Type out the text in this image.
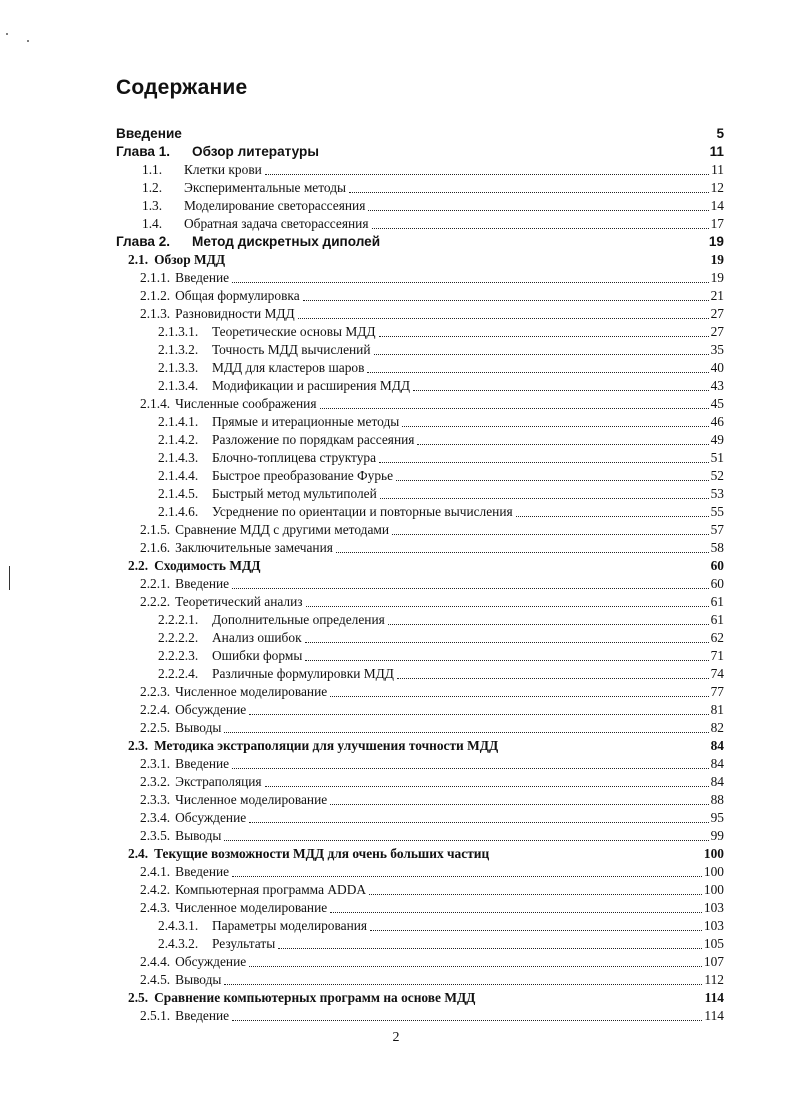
Содержание
Введение	5
Глава 1.	Обзор литературы	11
1.1.	Клетки крови	11
1.2.	Экспериментальные методы	12
1.3.	Моделирование светорассеяния	14
1.4.	Обратная задача светорассеяния	17
Глава 2.	Метод дискретных диполей	19
2.1. Обзор МДД	19
2.1.1. Введение	19
2.1.2. Общая формулировка	21
2.1.3. Разновидности МДД	27
2.1.3.1.	Теоретические основы МДД	27
2.1.3.2.	Точность МДД вычислений	35
2.1.3.3.	МДД для кластеров шаров	40
2.1.3.4.	Модификации и расширения МДД	43
2.1.4. Численные соображения	45
2.1.4.1.	Прямые и итерационные методы	46
2.1.4.2.	Разложение по порядкам рассеяния	49
2.1.4.3.	Блочно-топлицева структура	51
2.1.4.4.	Быстрое преобразование Фурье	52
2.1.4.5.	Быстрый метод мультиполей	53
2.1.4.6.	Усреднение по ориентации и повторные вычисления	55
2.1.5. Сравнение МДД с другими методами	57
2.1.6. Заключительные замечания	58
2.2. Сходимость МДД	60
2.2.1. Введение	60
2.2.2. Теоретический анализ	61
2.2.2.1.	Дополнительные определения	61
2.2.2.2.	Анализ ошибок	62
2.2.2.3.	Ошибки формы	71
2.2.2.4.	Различные формулировки МДД	74
2.2.3. Численное моделирование	77
2.2.4. Обсуждение	81
2.2.5. Выводы	82
2.3. Методика экстраполяции для улучшения точности МДД	84
2.3.1. Введение	84
2.3.2. Экстраполяция	84
2.3.3. Численное моделирование	88
2.3.4. Обсуждение	95
2.3.5. Выводы	99
2.4. Текущие возможности МДД для очень больших частиц	100
2.4.1. Введение	100
2.4.2. Компьютерная программа ADDA	100
2.4.3. Численное моделирование	103
2.4.3.1.	Параметры моделирования	103
2.4.3.2.	Результаты	105
2.4.4. Обсуждение	107
2.4.5. Выводы	112
2.5. Сравнение компьютерных программ на основе МДД	114
2.5.1. Введение	114
2
